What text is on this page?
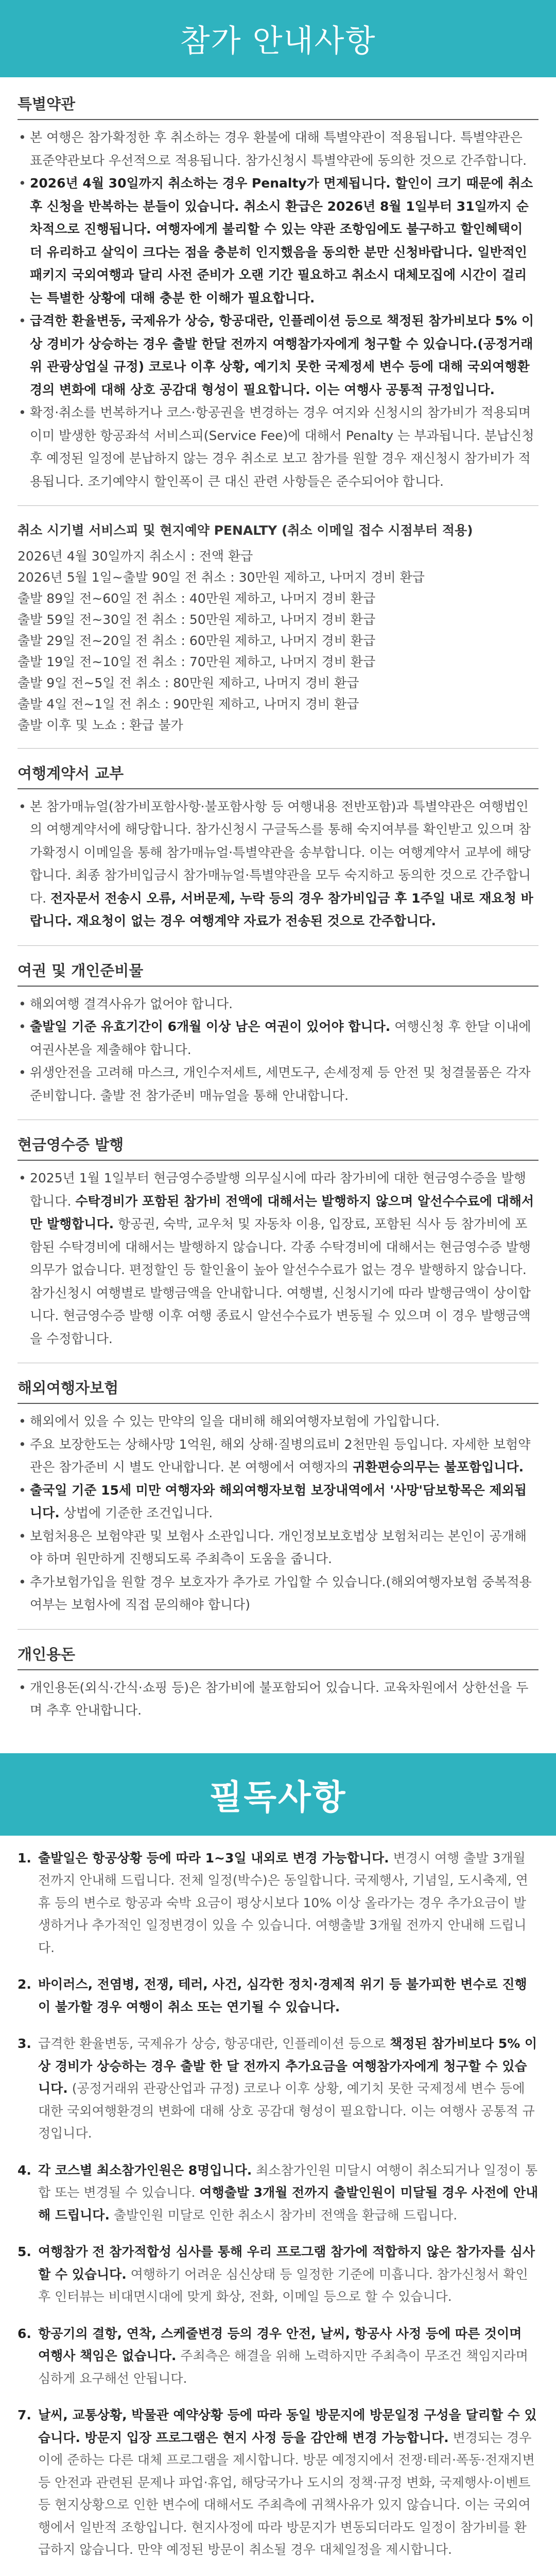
참가 안내사항
특별약관
• 본 여행은 참가확정한 후 취소하는 경우 환불에 대해 특별약관이 적용됩니다. 특별약관은 표준약관보다 우선적으로 적용됩니다. 참가신청시 특별약관에 동의한 것으로 간주합니다.
• 2026년 4월 30일까지 취소하는 경우 Penalty가 면제됩니다. 할인이 크기 때문에 취소 후 신청을 반복하는 분들이 있습니다. 취소시 환급은 2026년 8월 1일부터 31일까지 순차적으로 진행됩니다. 여행자에게 불리할 수 있는 약관 조항임에도 불구하고 할인혜택이 더 유리하고 살익이 크다는 점을 충분히 인지했음을 동의한 분만 신청바랍니다. 일반적인 패키지 국외여행과 달리 사전 준비가 오랜 기간 필요하고 취소시 대체모집에 시간이 걸리는 특별한 상황에 대해 충분 한 이해가 필요합니다.
• 급격한 환율변동, 국제유가 상승, 항공대란, 인플레이션 등으로 책정된 참가비보다 5% 이상 경비가 상승하는 경우 출발 한달 전까지 여행참가자에게 청구할 수 있습니다.(공정거래위 관광상업실 규정) 코로나 이후 상황, 예기치 못한 국제정세 변수 등에 대해 국외여행환경의 변화에 대해 상호 공감대 형성이 필요합니다. 이는 여행사 공통적 규정입니다.
• 확정·취소를 번복하거나 코스·항공권을 변경하는 경우 여지와 신청시의 참가비가 적용되며 이미 발생한 항공좌석 서비스피(Service Fee)에 대해서 Penalty 는 부과됩니다. 분납신청 후 예정된 일정에 분납하지 않는 경우 취소로 보고 참가를 원할 경우 재신청시 참가비가 적용됩니다. 조기예약시 할인폭이 큰 대신 관련 사항들은 준수되어야 합니다.

취소 시기별 서비스피 및 현지예약 PENALTY (취소 이메일 접수 시점부터 적용)

2026년 4월 30일까지 취소시 : 전액 환급
2026년 5월 1일~출발 90일 전 취소 : 30만원 제하고, 나머지 경비 환급
출발 89일 전~60일 전 취소 : 40만원 제하고, 나머지 경비 환급
출발 59일 전~30일 전 취소 : 50만원 제하고, 나머지 경비 환급
출발 29일 전~20일 전 취소 : 60만원 제하고, 나머지 경비 환급
출발 19일 전~10일 전 취소 : 70만원 제하고, 나머지 경비 환급
출발 9일 전~5일 전 취소 : 80만원 제하고, 나머지 경비 환급
출발 4일 전~1일 전 취소 : 90만원 제하고, 나머지 경비 환급
출발 이후 및 노쇼 : 환급 불가
여행계약서 교부
• 본 참가매뉴얼(참가비포함사항·불포함사항 등 여행내용 전반포함)과 특별약관은 여행법인의 여행계약서에 해당합니다. 참가신청시 구글독스를 통해 숙지여부를 확인받고 있으며 참가확정시 이메일을 통해 참가매뉴얼·특별약관을 송부합니다. 이는 여행계약서 교부에 해당합니다. 최종 참가비입금시 참가매뉴얼·특별약관을 모두 숙지하고 동의한 것으로 간주합니다. 전자문서 전송시 오류, 서버문제, 누락 등의 경우 참가비입금 후 1주일 내로 재요청 바랍니다. 재요청이 없는 경우 여행계약 자료가 전송된 것으로 간주합니다.
여권 및 개인준비물
• 해외여행 결격사유가 없어야 합니다.
• 출발일 기준 유효기간이 6개월 이상 남은 여권이 있어야 합니다. 여행신청 후 한달 이내에 여권사본을 제출해야 합니다.
• 위생안전을 고려해 마스크, 개인수저세트, 세면도구, 손세정제 등 안전 및 청결물품은 각자 준비합니다. 출발 전 참가준비 매뉴얼을 통해 안내합니다.
현금영수증 발행
• 2025년 1월 1일부터 현금영수증발행 의무실시에 따라 참가비에 대한 현금영수증을 발행합니다. 수탁경비가 포함된 참가비 전액에 대해서는 발행하지 않으며 알선수수료에 대해서만 발행합니다. 항공권, 숙박, 교우처 및 자동차 이용, 입장료, 포함된 식사 등 참가비에 포함된 수탁경비에 대해서는 발행하지 않습니다. 각종 수탁경비에 대해서는 현금영수증 발행 의무가 없습니다. 편정할인 등 할인율이 높아 알선수수료가 없는 경우 발행하지 않습니다. 참가신청시 여행별로 발행금액을 안내합니다. 여행별, 신청시기에 따라 발행금액이 상이합니다. 현금영수증 발행 이후 여행 종료시 알선수수료가 변동될 수 있으며 이 경우 발행금액을 수정합니다.
해외여행자보험
• 해외에서 있을 수 있는 만약의 일을 대비해 해외여행자보험에 가입합니다.
• 주요 보장한도는 상해사망 1억원, 해외 상해·질병의료비 2천만원 등입니다. 자세한 보험약관은 참가준비 시 별도 안내합니다. 본 여행에서 여행자의 귀환편승의무는 불포함입니다.
• 출국일 기준 15세 미만 여행자와 해외여행자보험 보장내역에서 '사망'담보항목은 제외됩니다. 상법에 기준한 조건입니다.
• 보험처용은 보험약관 및 보험사 소관입니다. 개인정보보호법상 보험처리는 본인이 공개해야 하며 원만하게 진행되도록 주최측이 도움을 줍니다.
• 추가보험가입을 원할 경우 보호자가 추가로 가입할 수 있습니다.(해외여행자보험 중복적용 여부는 보험사에 직접 문의해야 합니다)
개인용돈
• 개인용돈(외식·간식·쇼핑 등)은 참가비에 불포함되어 있습니다. 교육차원에서 상한선을 두며 추후 안내합니다.
필독사항
1. 출발일은 항공상황 등에 따라 1~3일 내외로 변경 가능합니다. 변경시 여행 출발 3개월 전까지 안내해 드립니다. 전체 일정(박수)은 동일합니다. 국제행사, 기념일, 도시축제, 연휴 등의 변수로 항공과 숙박 요금이 평상시보다 10% 이상 올라가는 경우 추가요금이 발생하거나 추가적인 일정변경이 있을 수 있습니다. 여행출발 3개월 전까지 안내해 드립니다.
2. 바이러스, 전염병, 전쟁, 테러, 사건, 심각한 정치·경제적 위기 등 불가피한 변수로 진행이 불가할 경우 여행이 취소 또는 연기될 수 있습니다.
3. 급격한 환율변동, 국제유가 상승, 항공대란, 인플레이션 등으로 책정된 참가비보다 5% 이상 경비가 상승하는 경우 출발 한 달 전까지 추가요금을 여행참가자에게 청구할 수 있습니다. (공정거래위 관광산업과 규정) 코로나 이후 상황, 예기치 못한 국제정세 변수 등에 대한 국외여행환경의 변화에 대해 상호 공감대 형성이 필요합니다. 이는 여행사 공통적 규정입니다.
4. 각 코스별 최소참가인원은 8명입니다. 최소참가인원 미달시 여행이 취소되거나 일정이 통합 또는 변경될 수 있습니다. 여행출발 3개월 전까지 출발인원이 미달될 경우 사전에 안내해 드립니다. 출발인원 미달로 인한 취소시 참가비 전액을 환급해 드립니다.
5. 여행참가 전 참가적합성 심사를 통해 우리 프로그램 참가에 적합하지 않은 참가자를 심사할 수 있습니다. 여행하기 어려운 심신상태 등 일정한 기준에 미흡니다. 참가신청서 확인 후 인터뷰는 비대면시대에 맞게 화상, 전화, 이메일 등으로 할 수 있습니다.
6. 항공기의 결항, 연착, 스케줄변경 등의 경우 안전, 날씨, 항공사 사정 등에 따른 것이며 여행사 책임은 없습니다. 주최측은 해결을 위해 노력하지만 주최측이 무조건 책임지라며 심하게 요구해선 안됩니다.
7. 날씨, 교통상황, 박물관 예약상황 등에 따라 동일 방문지에 방문일정 구성을 달리할 수 있습니다. 방문지 입장 프로그램은 현지 사정 등을 감안해 변경 가능합니다. 변경되는 경우 이에 준하는 다른 대체 프로그램을 제시합니다. 방문 예정지에서 전쟁·테러·폭동·전재지변 등 안전과 관련된 문제나 파업·휴업, 해당국가나 도시의 정책·규정 변화, 국제행사·이벤트 등 현지상황으로 인한 변수에 대해서도 주최측에 귀책사유가 있지 않습니다. 이는 국외여행에서 일반적 조항입니다. 현지사정에 따라 방문지가 변동되더라도 일정이 참가비를 환급하지 않습니다. 만약 예정된 방문이 취소될 경우 대체일정을 제시합니다.
